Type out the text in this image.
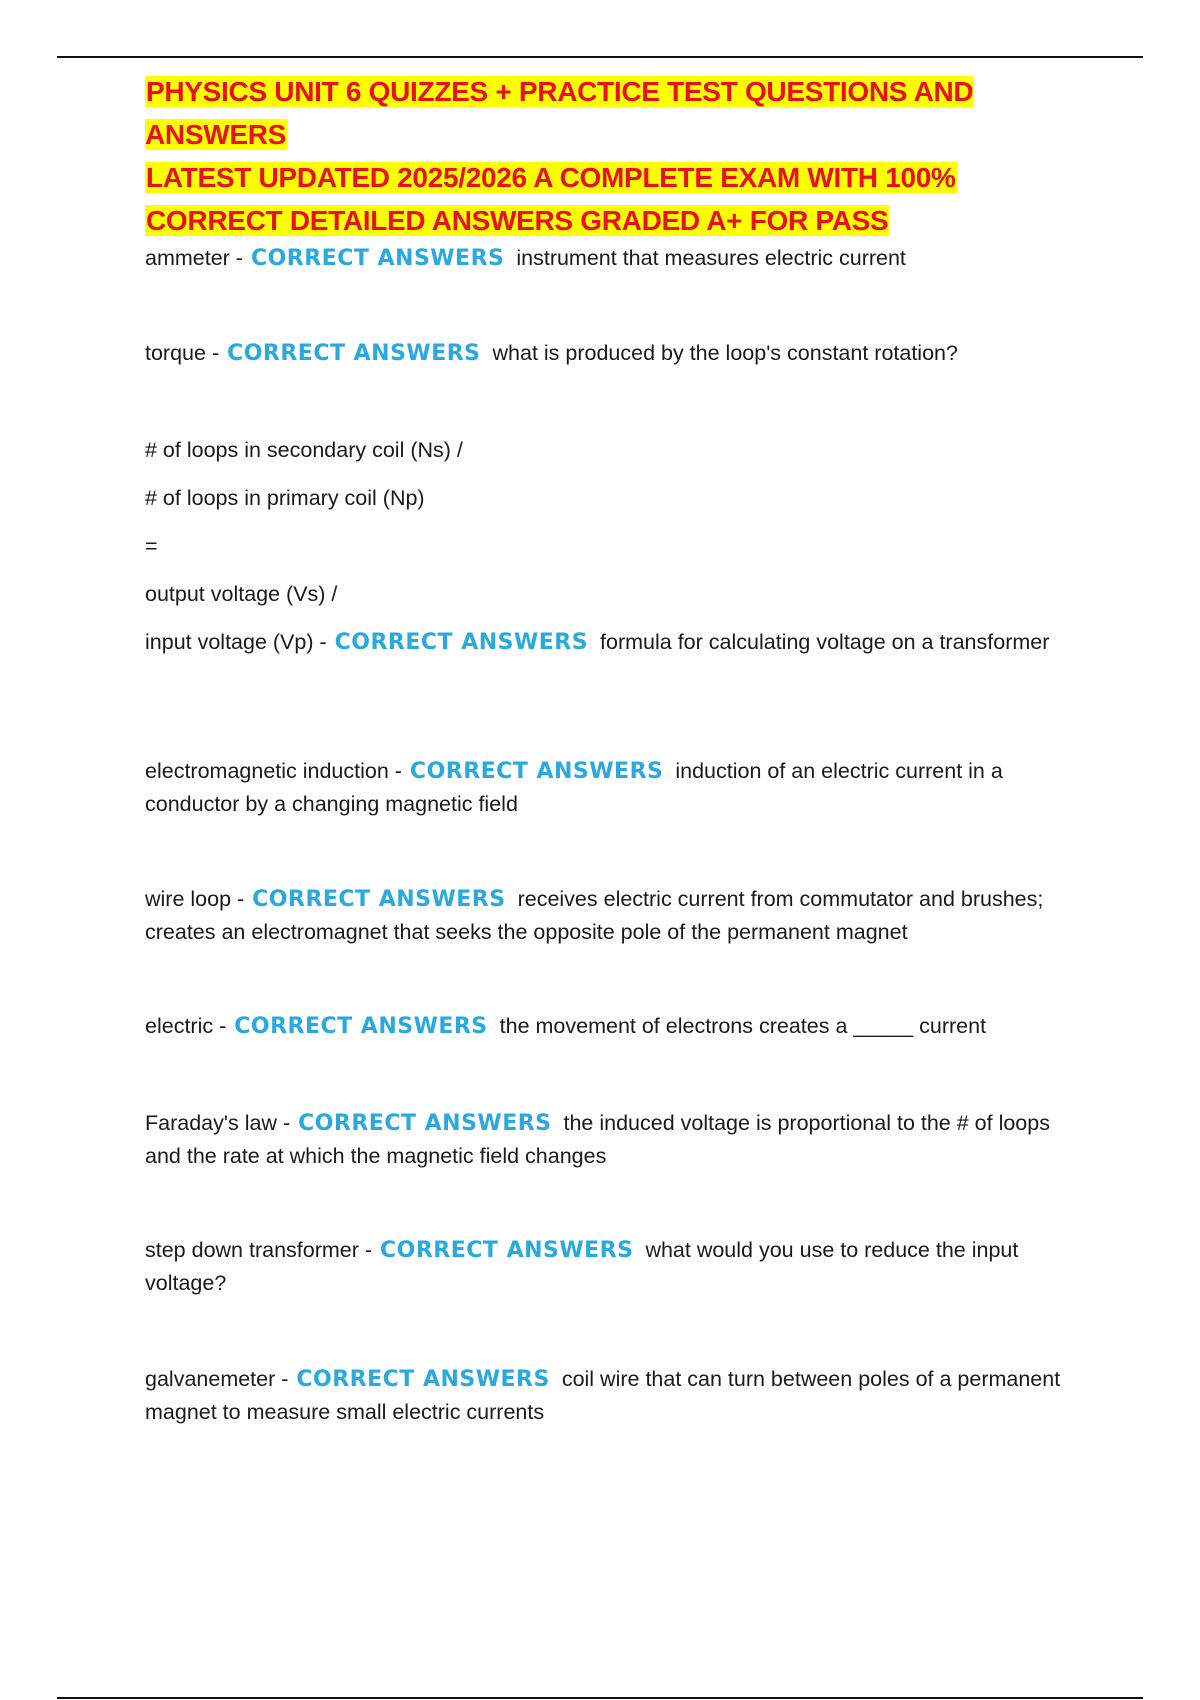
PHYSICS UNIT 6 QUIZZES + PRACTICE TEST QUESTIONS AND ANSWERS
LATEST UPDATED 2025/2026 A COMPLETE EXAM WITH 100%
CORRECT DETAILED ANSWERS GRADED A+ FOR PASS
ammeter - CORRECT ANSWERS instrument that measures electric current
torque - CORRECT ANSWERS what is produced by the loop's constant rotation?
# of loops in secondary coil (Ns) /
# of loops in primary coil (Np)
=
output voltage (Vs) /
input voltage (Vp) - CORRECT ANSWERS formula for calculating voltage on a transformer
electromagnetic induction - CORRECT ANSWERS induction of an electric current in a conductor by a changing magnetic field
wire loop - CORRECT ANSWERS receives electric current from commutator and brushes; creates an electromagnet that seeks the opposite pole of the permanent magnet
electric - CORRECT ANSWERS the movement of electrons creates a _____ current
Faraday's law - CORRECT ANSWERS the induced voltage is proportional to the # of loops and the rate at which the magnetic field changes
step down transformer - CORRECT ANSWERS what would you use to reduce the input voltage?
galvanemeter - CORRECT ANSWERS coil wire that can turn between poles of a permanent magnet to measure small electric currents
